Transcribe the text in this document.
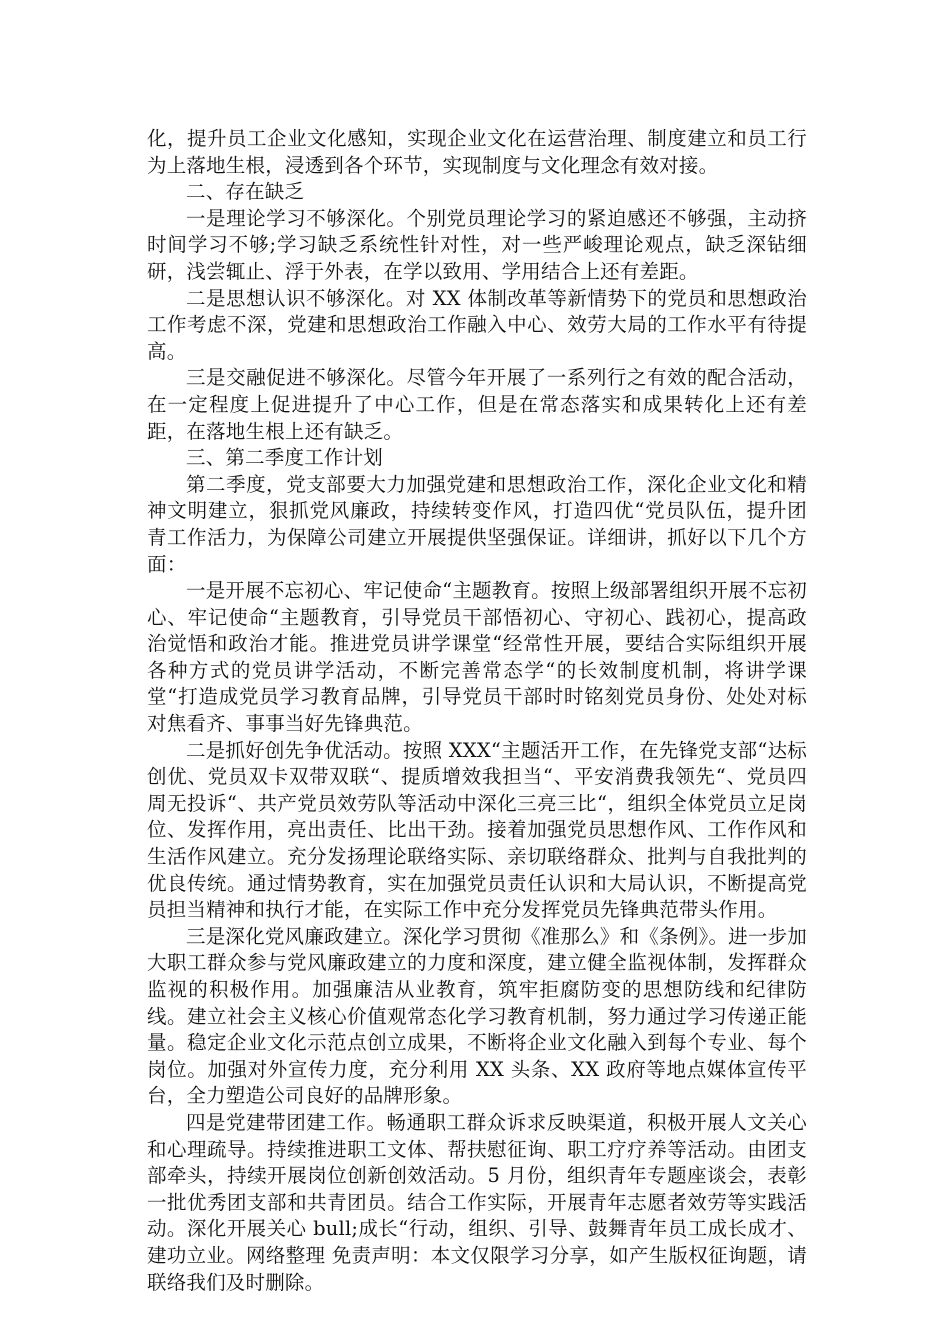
化，提升员工企业文化感知，实现企业文化在运营治理、制度建立和员工行为上落地生根，浸透到各个环节，实现制度与文化理念有效对接。

二、存在缺乏

一是理论学习不够深化。个别党员理论学习的紧迫感还不够强，主动挤时间学习不够;学习缺乏系统性针对性，对一些严峻理论观点，缺乏深钻细研，浅尝辄止、浮于外表，在学以致用、学用结合上还有差距。

二是思想认识不够深化。对 XX 体制改革等新情势下的党员和思想政治工作考虑不深，党建和思想政治工作融入中心、效劳大局的工作水平有待提高。

三是交融促进不够深化。尽管今年开展了一系列行之有效的配合活动，在一定程度上促进提升了中心工作，但是在常态落实和成果转化上还有差距，在落地生根上还有缺乏。

三、第二季度工作计划

第二季度，党支部要大力加强党建和思想政治工作，深化企业文化和精神文明建立，狠抓党风廉政，持续转变作风，打造四优“党员队伍，提升团青工作活力，为保障公司建立开展提供坚强保证。详细讲，抓好以下几个方面：

一是开展不忘初心、牢记使命“主题教育。按照上级部署组织开展不忘初心、牢记使命“主题教育，引导党员干部悟初心、守初心、践初心，提高政治觉悟和政治才能。推进党员讲学课堂“经常性开展，要结合实际组织开展各种方式的党员讲学活动，不断完善常态学“的长效制度机制，将讲学课堂“打造成党员学习教育品牌，引导党员干部时时铭刻党员身份、处处对标对焦看齐、事事当好先锋典范。

二是抓好创先争优活动。按照 XXX“主题活开工作，在先锋党支部“达标创优、党员双卡双带双联“、提质增效我担当“、平安消费我领先“、党员四周无投诉“、共产党员效劳队等活动中深化三亮三比“，组织全体党员立足岗位、发挥作用，亮出责任、比出干劲。接着加强党员思想作风、工作作风和生活作风建立。充分发扬理论联络实际、亲切联络群众、批判与自我批判的优良传统。通过情势教育，实在加强党员责任认识和大局认识，不断提高党员担当精神和执行才能，在实际工作中充分发挥党员先锋典范带头作用。

三是深化党风廉政建立。深化学习贯彻《准那么》和《条例》。进一步加大职工群众参与党风廉政建立的力度和深度，建立健全监视体制，发挥群众监视的积极作用。加强廉洁从业教育，筑牢拒腐防变的思想防线和纪律防线。建立社会主义核心价值观常态化学习教育机制，努力通过学习传递正能量。稳定企业文化示范点创立成果，不断将企业文化融入到每个专业、每个岗位。加强对外宣传力度，充分利用 XX 头条、XX 政府等地点媒体宣传平台，全力塑造公司良好的品牌形象。

四是党建带团建工作。畅通职工群众诉求反映渠道，积极开展人文关心和心理疏导。持续推进职工文体、帮扶慰征询、职工疗疗养等活动。由团支部牵头，持续开展岗位创新创效活动。5 月份，组织青年专题座谈会，表彰一批优秀团支部和共青团员。结合工作实际，开展青年志愿者效劳等实践活动。深化开展关心 bull;成长“行动，组织、引导、鼓舞青年员工成长成才、建功立业。网络整理 免责声明：本文仅限学习分享，如产生版权征询题，请联络我们及时删除。
